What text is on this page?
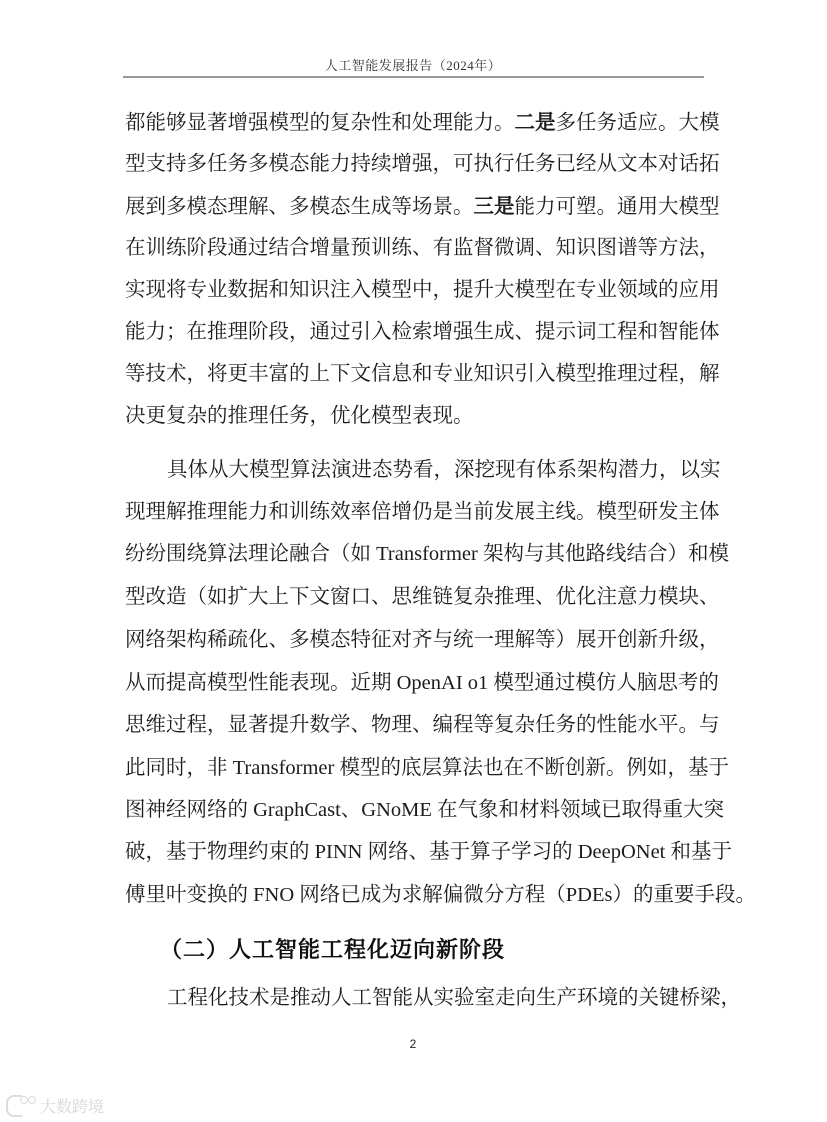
人工智能发展报告（2024年）
都能够显著增强模型的复杂性和处理能力。二是多任务适应。大模
型支持多任务多模态能力持续增强，可执行任务已经从文本对话拓
展到多模态理解、多模态生成等场景。三是能力可塑。通用大模型
在训练阶段通过结合增量预训练、有监督微调、知识图谱等方法，
实现将专业数据和知识注入模型中，提升大模型在专业领域的应用
能力；在推理阶段，通过引入检索增强生成、提示词工程和智能体
等技术，将更丰富的上下文信息和专业知识引入模型推理过程，解
决更复杂的推理任务，优化模型表现。
具体从大模型算法演进态势看，深挖现有体系架构潜力，以实
现理解推理能力和训练效率倍增仍是当前发展主线。模型研发主体
纷纷围绕算法理论融合（如 Transformer 架构与其他路线结合）和模
型改造（如扩大上下文窗口、思维链复杂推理、优化注意力模块、
网络架构稀疏化、多模态特征对齐与统一理解等）展开创新升级，
从而提高模型性能表现。近期 OpenAI o1 模型通过模仿人脑思考的
思维过程，显著提升数学、物理、编程等复杂任务的性能水平。与
此同时，非 Transformer 模型的底层算法也在不断创新。例如，基于
图神经网络的 GraphCast、GNoME 在气象和材料领域已取得重大突
破，基于物理约束的 PINN 网络、基于算子学习的 DeepONet 和基于
傅里叶变换的 FNO 网络已成为求解偏微分方程（PDEs）的重要手段。
（二）人工智能工程化迈向新阶段
工程化技术是推动人工智能从实验室走向生产环境的关键桥梁，
2
大数跨境
